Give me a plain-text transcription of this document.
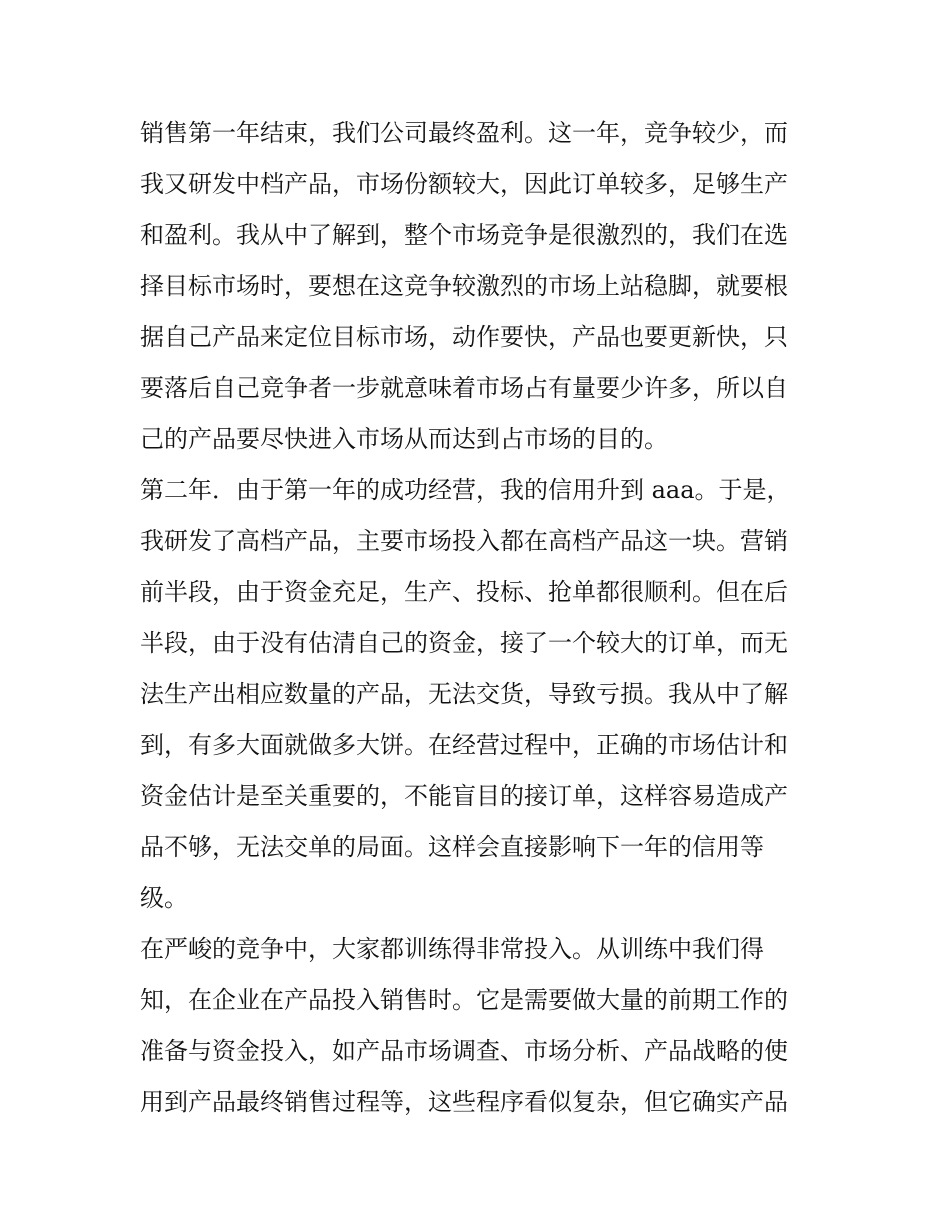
销售第一年结束，我们公司最终盈利。这一年，竞争较少，而
我又研发中档产品，市场份额较大，因此订单较多，足够生产
和盈利。我从中了解到，整个市场竞争是很激烈的，我们在选
择目标市场时，要想在这竞争较激烈的市场上站稳脚，就要根
据自己产品来定位目标市场，动作要快，产品也要更新快，只
要落后自己竞争者一步就意味着市场占有量要少许多，所以自
己的产品要尽快进入市场从而达到占市场的目的。
第二年．由于第一年的成功经营，我的信用升到 aaa。于是，
我研发了高档产品，主要市场投入都在高档产品这一块。营销
前半段，由于资金充足，生产、投标、抢单都很顺利。但在后
半段，由于没有估清自己的资金，接了一个较大的订单，而无
法生产出相应数量的产品，无法交货，导致亏损。我从中了解
到，有多大面就做多大饼。在经营过程中，正确的市场估计和
资金估计是至关重要的，不能盲目的接订单，这样容易造成产
品不够，无法交单的局面。这样会直接影响下一年的信用等
级。
在严峻的竞争中，大家都训练得非常投入。从训练中我们得
知，在企业在产品投入销售时。它是需要做大量的前期工作的
准备与资金投入，如产品市场调查、市场分析、产品战略的使
用到产品最终销售过程等，这些程序看似复杂，但它确实产品
